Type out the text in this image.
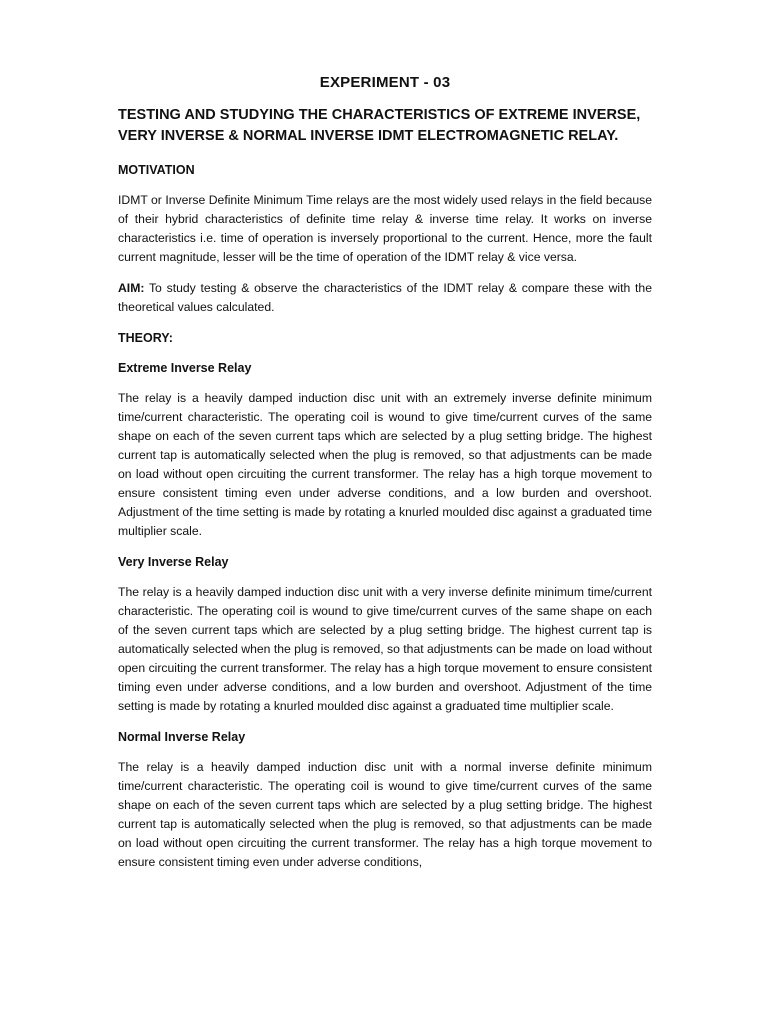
EXPERIMENT - 03
TESTING AND STUDYING THE CHARACTERISTICS OF EXTREME INVERSE, VERY INVERSE & NORMAL INVERSE IDMT ELECTROMAGNETIC RELAY.
MOTIVATION

IDMT or Inverse Definite Minimum Time relays are the most widely used relays in the field because of their hybrid characteristics of definite time relay & inverse time relay. It works on inverse characteristics i.e. time of operation is inversely proportional to the current. Hence, more the fault current magnitude, lesser will be the time of operation of the IDMT relay & vice versa.

AIM: To study testing & observe the characteristics of the IDMT relay & compare these with the theoretical values calculated.

THEORY:
Extreme Inverse Relay

The relay is a heavily damped induction disc unit with an extremely inverse definite minimum time/current characteristic. The operating coil is wound to give time/current curves of the same shape on each of the seven current taps which are selected by a plug setting bridge. The highest current tap is automatically selected when the plug is removed, so that adjustments can be made on load without open circuiting the current transformer. The relay has a high torque movement to ensure consistent timing even under adverse conditions, and a low burden and overshoot. Adjustment of the time setting is made by rotating a knurled moulded disc against a graduated time multiplier scale.

Very Inverse Relay

The relay is a heavily damped induction disc unit with a very inverse definite minimum time/current characteristic. The operating coil is wound to give time/current curves of the same shape on each of the seven current taps which are selected by a plug setting bridge. The highest current tap is automatically selected when the plug is removed, so that adjustments can be made on load without open circuiting the current transformer. The relay has a high torque movement to ensure consistent timing even under adverse conditions, and a low burden and overshoot. Adjustment of the time setting is made by rotating a knurled moulded disc against a graduated time multiplier scale.

Normal Inverse Relay

The relay is a heavily damped induction disc unit with a normal inverse definite minimum time/current characteristic. The operating coil is wound to give time/current curves of the same shape on each of the seven current taps which are selected by a plug setting bridge. The highest current tap is automatically selected when the plug is removed, so that adjustments can be made on load without open circuiting the current transformer. The relay has a high torque movement to ensure consistent timing even under adverse conditions,
